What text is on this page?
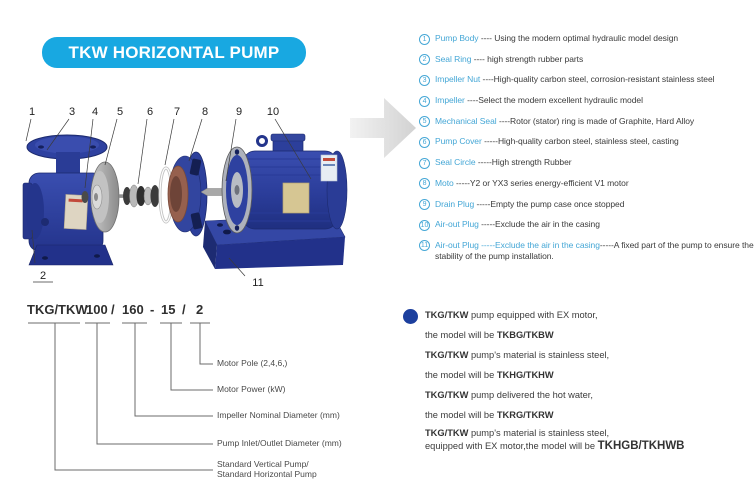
TKW HORIZONTAL PUMP
1	3 4 5 6 7 8	9 10
2
11
1	Pump Body ---- Using the modern optimal hydraulic model design
2	Seal Ring ---- high strength rubber parts
3	Impeller Nut ----High-quality carbon steel, corrosion-resistant stainless steel
4	Impeller ----Select the modern excellent hydraulic model
5	Mechanical Seal ----Rotor (stator) ring is made of Graphite, Hard Alloy
6	Pump Cover -----High-quality carbon steel, stainless steel, casting
7	Seal Circle -----High strength Rubber
8	Moto -----Y2 or YX3 series energy-efficient V1 motor
9	Drain Plug -----Empty the pump case once stopped
10 Air-out Plug -----Exclude the air in the casing
11 Air-out Plug -----Exclude the air in the casing-----A fixed part of the pump to ensure the stability of the pump installation.
TKG/TKW
100 / 160 - 15 / 2
Motor Pole (2,4,6,)
Motor Power (kW)
Impeller Nominal Diameter (mm)
Pump Inlet/Outlet Diameter (mm)
Standard Vertical Pump/
Standard Horizontal Pump
TKG/TKW pump equipped with EX motor,
the model will be TKBG/TKBW
TKG/TKW pump's material is stainless steel,
the model will be TKHG/TKHW
TKG/TKW pump delivered the hot water,
the model will be TKRG/TKRW
TKG/TKW pump's material is stainless steel,
equipped with EX motor,the model will be TKHGB/TKHWB
